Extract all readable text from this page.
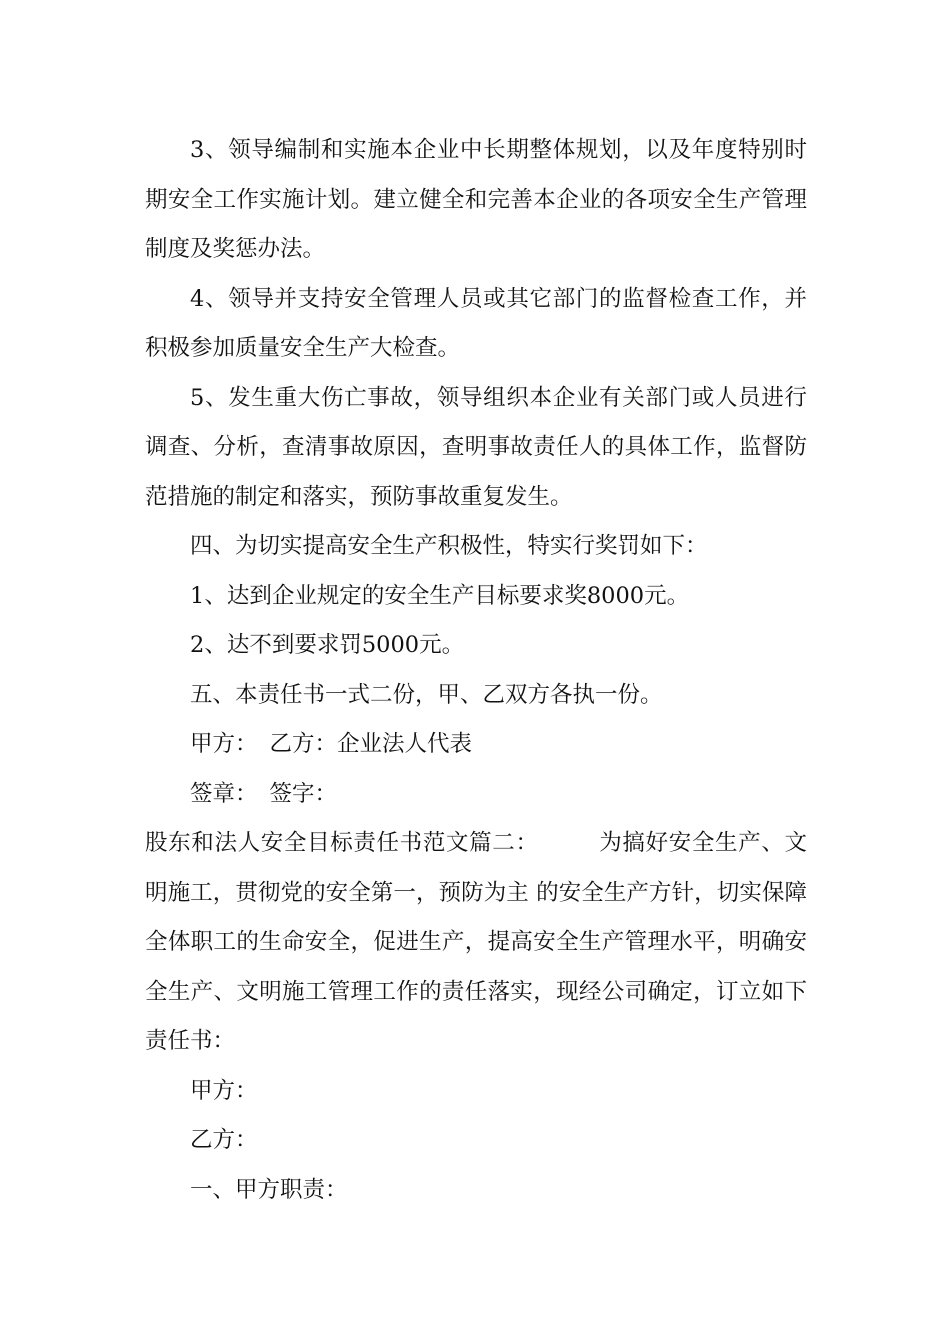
3、领导编制和实施本企业中长期整体规划，以及年度特别时期安全工作实施计划。建立健全和完善本企业的各项安全生产管理制度及奖惩办法。

4、领导并支持安全管理人员或其它部门的监督检查工作，并积极参加质量安全生产大检查。

5、发生重大伤亡事故，领导组织本企业有关部门或人员进行调查、分析，查清事故原因，查明事故责任人的具体工作，监督防范措施的制定和落实，预防事故重复发生。

四、为切实提高安全生产积极性，特实行奖罚如下：

1、达到企业规定的安全生产目标要求奖8000元。

2、达不到要求罚5000元。

五、本责任书一式二份，甲、乙双方各执一份。

甲方： 乙方：企业法人代表

签章： 签字：

股东和法人安全目标责任书范文篇二：	为搞好安全生产、文明施工，贯彻党的安全第一，预防为主 的安全生产方针，切实保障全体职工的生命安全，促进生产，提高安全生产管理水平，明确安全生产、文明施工管理工作的责任落实，现经公司确定，订立如下责任书：

甲方：

乙方：

一、甲方职责：
